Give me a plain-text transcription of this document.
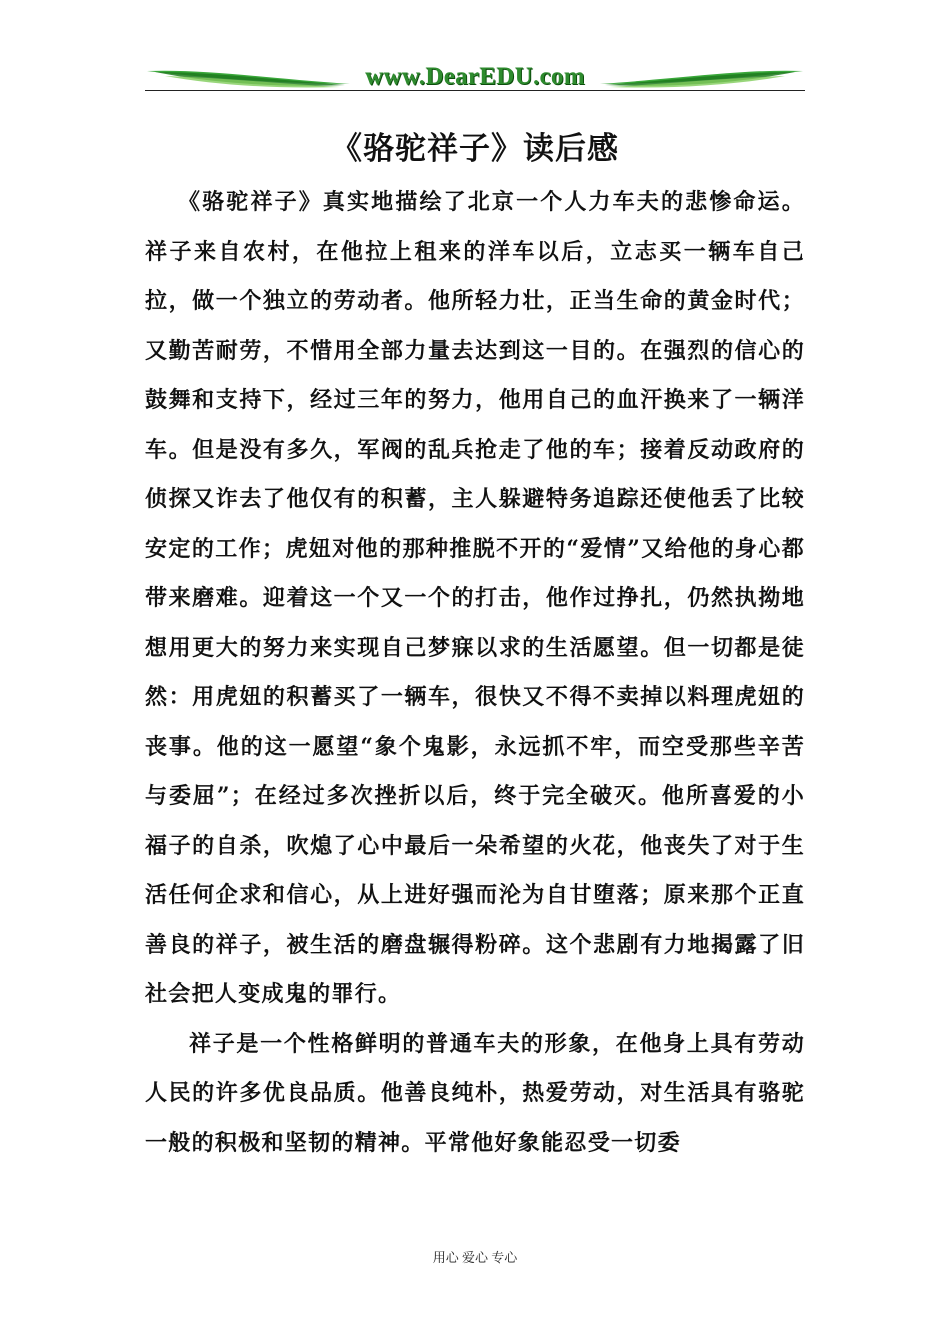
www.DearEDU.com
《骆驼祥子》读后感

《骆驼祥子》真实地描绘了北京一个人力车夫的悲惨命运。祥子来自农村，在他拉上租来的洋车以后，立志买一辆车自己拉，做一个独立的劳动者。他所轻力壮，正当生命的黄金时代；又勤苦耐劳，不惜用全部力量去达到这一目的。在强烈的信心的鼓舞和支持下，经过三年的努力，他用自己的血汗换来了一辆洋车。但是没有多久，军阀的乱兵抢走了他的车；接着反动政府的侦探又诈去了他仅有的积蓄，主人躲避特务追踪还使他丢了比较安定的工作；虎妞对他的那种推脱不开的“爱情”又给他的身心都带来磨难。迎着这一个又一个的打击，他作过挣扎，仍然执拗地想用更大的努力来实现自己梦寐以求的生活愿望。但一切都是徒然：用虎妞的积蓄买了一辆车，很快又不得不卖掉以料理虎妞的丧事。他的这一愿望“象个鬼影，永远抓不牢，而空受那些辛苦与委屈”；在经过多次挫折以后，终于完全破灭。他所喜爱的小福子的自杀，吹熄了心中最后一朵希望的火花，他丧失了对于生活任何企求和信心，从上进好强而沦为自甘堕落；原来那个正直善良的祥子，被生活的磨盘辗得粉碎。这个悲剧有力地揭露了旧社会把人变成鬼的罪行。

祥子是一个性格鲜明的普通车夫的形象，在他身上具有劳动人民的许多优良品质。他善良纯朴，热爱劳动，对生活具有骆驼一般的积极和坚韧的精神。平常他好象能忍受一切委

用心 爱心 专心
